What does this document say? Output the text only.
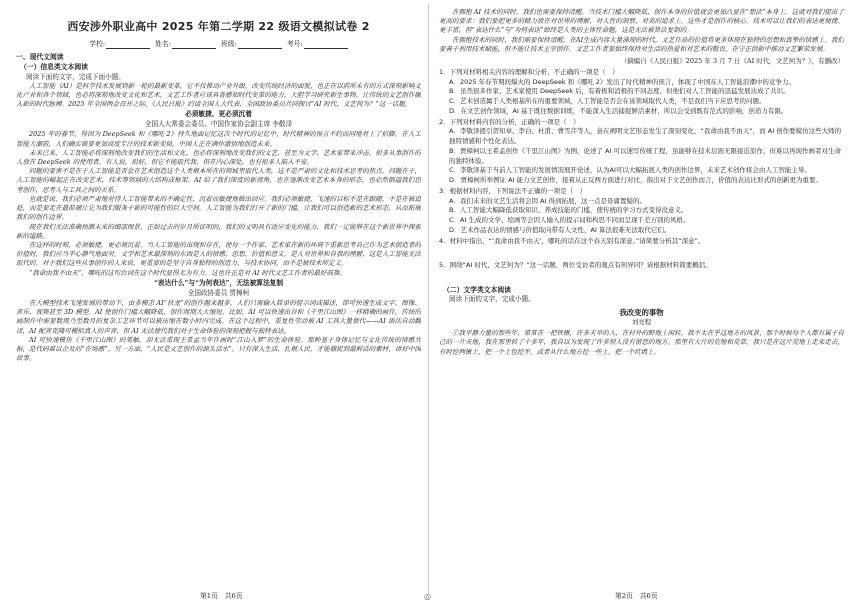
西安涉外职业高中 2025 年第二学期 22 级语文模拟试卷 2
学校:	姓名:	班级:	考号:
一、现代文阅读
（一）信息类文本阅读
阅读下面的文字，完成下面小题。

人工智能（AI）是科学技术发展到新一轮的最新变革，它不仅推动产业升级，改变传统经济的面貌，也正在以前所未有的方式深刻影响文化产业和各个领域，也必将深刻地改变文化和艺术。文艺工作者应该具备感知时代变革的能力，大胆学习研究新生事物，让传统的文艺创作融入新的时代脉搏。2025 年全国两会召开之际，《人民日报》约请全国人大代表、全国政协委员共同探讨“AI 时代，文艺何为？”这一话题。

必须敏捷、更必须沉着
全国人大常委会委员、中国作家协会副主席 李敬泽

2025 年的春节，得因为 DeepSeek 和《哪吒 2》持久地面记忆这次个时代的记忆中，时代精神的预言不约而同地对上了拍脚。在人工智能大潮前，人们确实需要更加高度专注的技术新变局，中国人正在满怀激情地创造未来。

未来已来，人工智能必将深刻地改变我们的生活和文化，也必将深刻地改变我们的文艺，甚至为文学、艺术家带来冲击，很多从事创作的人放在 DeepSeek 的使用者，有人说，很好，但它不能取代我，但在内心深处，也有很多人陷入不安。

问题的要害不是在于人工智能是否会在艺术创造这个人类根本所在的领域里取代人类，这不是严肃的文化和技术思考的焦点。问题在于，人工智能的崛起正在改变艺术，技术等领域的大结构或框架。AI 给了我们深度的新视角，也在逐渐改变艺术本身的形态，也必然倒逼我们思考创作，思考人与工具之间的关系。

也就是说，我们必须严肃地对待人工智能带来的不确定性，沉着而敏捷地做出回应。我们必须敏捷，飞速的目标不是在跟随，不是在被追赶，而是要走在最前端让它为我们服务于新的可能性的巨大空间。人工智能为我们打开了新的门槛，让我们可以创造新的艺术形态，从而拓展我们的创作边界。

现在我们无法准确预测未来的细部图景，正如过去的岁月所证明的，我们的文明具有适应变化的能力，我们一定能够在这个新世界中探索新的道路。

在这样的时刻，必须敏捷，更必须沉着。当人工智能的出现和存在，使每一个作家、艺术家在新的环境下重新思考自己作为艺术创造者的价值时，我们应当平心静气地面对。文学和艺术最深刻的东西是人的情感、思想、价值和意义，是人对世界和自我的理解，这是人工智能无法取代的。对于我们这些从事创作的人来说，更重要的是坚守自身独特的创造力，与技术协同，而不是被技术所定义。

“我命由我不由天”，哪吒的这句台词在这个时代显得尤为有力。这也许正是对 AI 时代文艺工作者的最好鼓舞。

“表达什么”与“为何表达”，无法被算法复制
全国政协委员 贾樟柯

在大模型技术飞速发展的带动下，由多模态 AI“扶龙”的创作越来越多，人们只需输入简单的提示词或描述，即可快速生成文字、图像、音乐、视频甚至 3D 模型。AI 使创作门槛大幅降低，创作周期大大缩短，比如，AI 可以快速出谷和《千里江山图》一样精确的画作，传统的画制作中需要数周乃至数月的复杂工艺环节可以被压缩在数小时内完成。在这个过程中，重复性劳动被 AI 工具大量替代——AI 语法自动翻译，AI 配音克隆可模拟真人的声音，但 AI 无法替代我们对于生命体验的深刻把握与独特表达。

AI 可快速模仿《千里江山图》的笔触，却无法重现王希孟当年作画时“江山入梦”的生命体验。那种基于身体记忆与文化传统的情感共振，是代码难以企及的“在场感”。另一方面，“人民是文艺创作的源头活水”。只有深入生活、扎根人民，才能捕捉到最鲜活的素材，讲好中国故事。

在拥抱 AI 技术的同时，我们也需要保持清醒。当技术门槛大幅降低，创作本身的价值就会更加凸显在“想法”本身上。这就对我们提出了更高的要求：我们要把更多的精力放在对世界的理解、对人性的洞察、对美的追求上，这些才是创作的核心。技术可以让我们的表达更便捷、更丰富，但“表达什么”与“为何表达”始终是人类的主体性命题，这是无法被算法复制的。

在拥抱技术的同时，我们需要保持清醒，在AI生成内容大量涌现的时代，文艺作品的价值将更多体现在独特的思想和真挚的情感上。我们要善于利用技术赋能，但不能让技术主宰创作。文艺工作者要始终保持对生活的热爱和对艺术的敬畏，在守正创新中推动文艺繁荣发展。

（摘编自《人民日报》2025 年 3 月 7 日《AI 时代，文艺何为？》，有删改）
1．下列对材料相关内容的理解和分析，不正确的一项是（　）
A．2025 年春节期间爆火的 DeepSeek 和《哪吒 2》发出了时代精神的预言，体现了中国在人工智能浪潮中的竞争力。
B．虽然很多作家、艺术家使用 DeepSeek 后，有着极和消极的不同态度，但他们对人工智能的迅猛发展达成了共识。
C．艺术创造属于人类根基所在的重要领域，人工智能是否会在该领域取代人类，不是我们当下应思考的问题。
D．在文艺创作领域，AI 基于既往数据训练，不能深入生活捕捉鲜活素材，所以会受到既有范式的影响，创造力有限。
2．下列对材料内容的分析，正确的一项是（　）
A．李敬泽援引贺知章、李白、杜甫、曹雪芹等人，意在阐明文艺形态发生了深刻变化，“我命由我不由天”，而 AI 创作要模仿这些大师的独特情感和个性化表达。
B．贾樟柯以王希孟创作《千里江山图》为例，论述了 AI 可以速写传统工程，虽能够在技术层面无限接近原作，但难以再现作画者对生命的独特体验。
C．李敬泽基于当前人工智能的发展情况展开论述，认为AI可以大幅拓展人类的创作边界，未来艺术创作将会由人工智能主导。
D．贾樟柯所举例证 AI 能力文艺创作，接着从正反两方面进行对比，指出对于文艺创作而言，价值的表达比形式的创新更为重要。
3．根据材料内容，下列说法不正确的一项是（　）
A．我们未来的文艺生活将会因 AI 得到拓展，这一点是毋庸置疑的。
B．人工智能大幅降低获取知识、养成技能的门槛，使传统的学习方式变得没意义。
C．AI 生成的文学、绘画等会因人输入的提示词和构思不同而呈现千差万别的风格。
D．艺术作品表达的情感与价值取向带有人文性，AI 算法很难无法取代它们。
4．材料中指出，“‘我命由我不由天’，哪吒的话在这个春天别有深意。”请简要分析其“深意”。
5．围绕“AI 时代，文艺何为？”这一话题，两位受访者的观点有何异同？请根据材料简要概括。
（二）文学类文本阅读
阅读下面的文字，完成小题。
我改变的事物
刘亮程

①我平静力量的那些年，常常在一把铁锹，许多天早的人，在村外的野地上闲转，我不太在乎这地方的风景，那个时候每个人都有属于自己的一片天地，我在那里转了十多年，我自以为发现了许多别人没有留意的地方。那里有大片的荒地和荒草，我只是在这片荒地上走来走去，有时挖两锹土，把一个土包挖平，或者从什么地方挖一些土，把一个坑填上。

第1页　共6页	◎	第2页　共6页
